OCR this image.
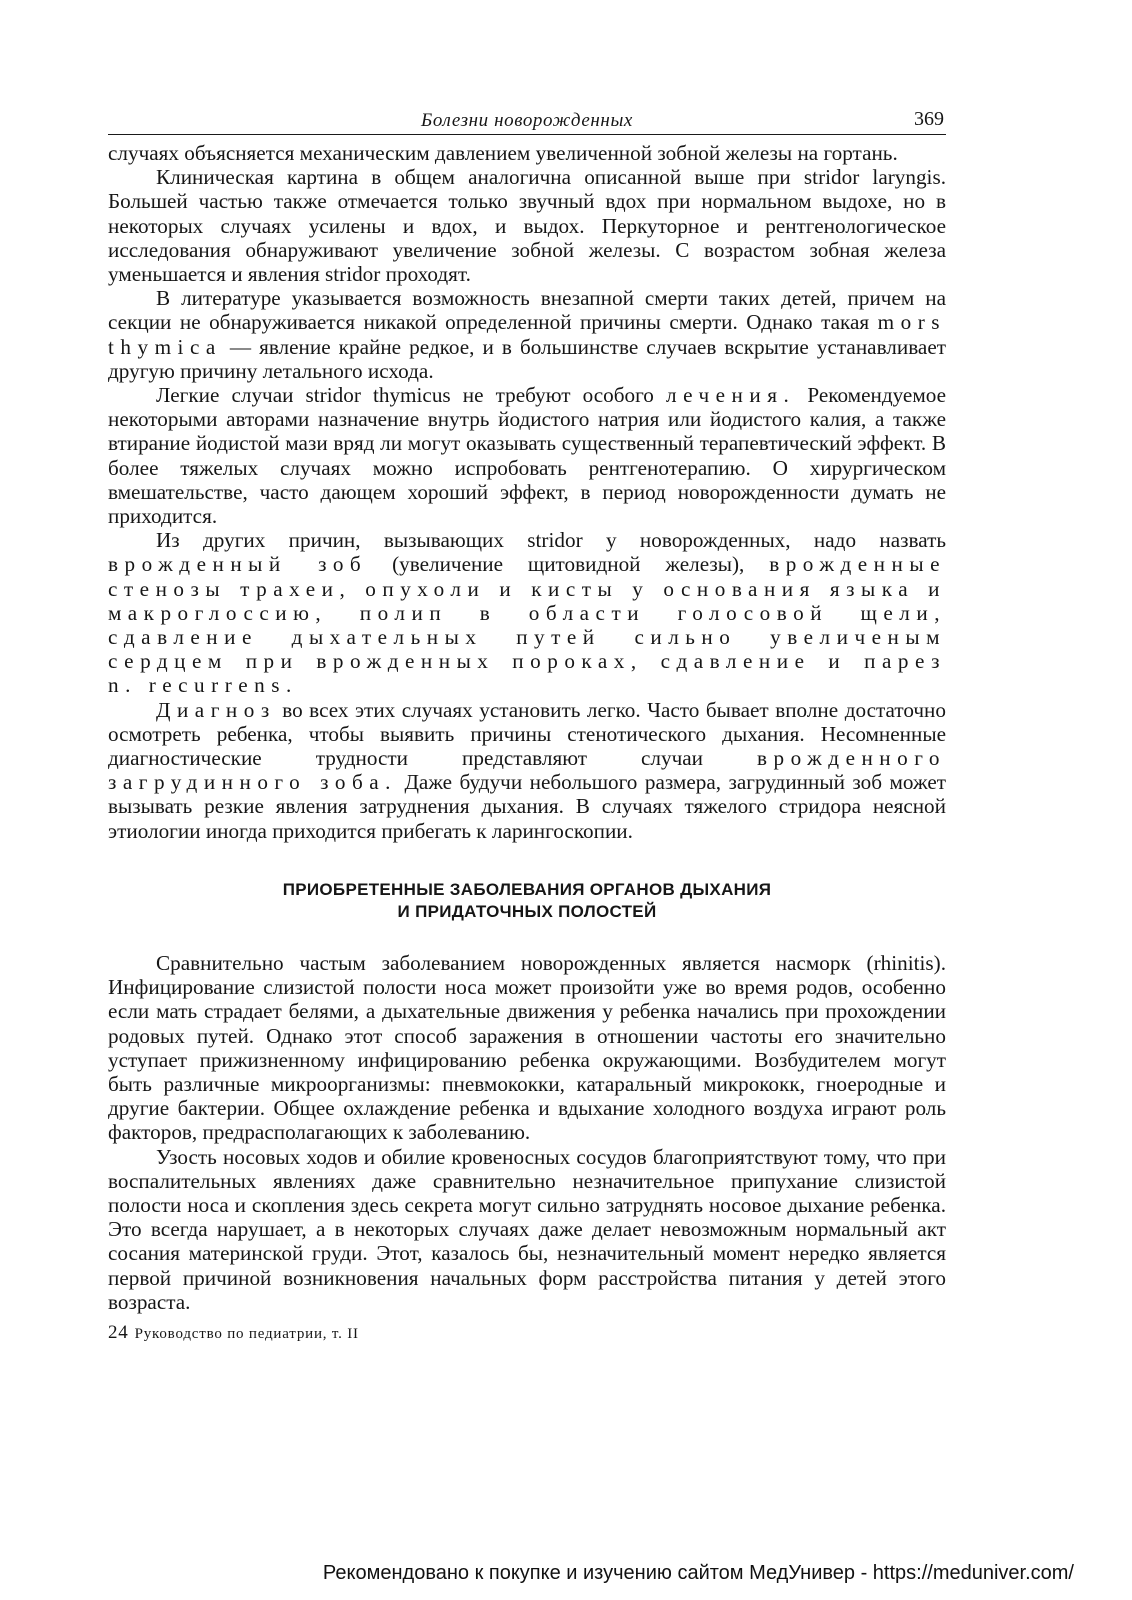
Болезни новорожденных	369

случаях объясняется механическим давлением увеличенной зобной железы на гортань.

Клиническая картина в общем аналогична описанной выше при stridor laryngis. Большей частью также отмечается только звучный вдох при нормальном выдохе, но в некоторых случаях усилены и вдох, и выдох. Перкуторное и рентгенологическое исследования обнаруживают увеличение зобной железы. С возрастом зобная железа уменьшается и явления stridor проходят.

В литературе указывается возможность внезапной смерти таких детей, причем на секции не обнаруживается никакой определенной причины смерти. Однако такая mors thymica — явление крайне редкое, и в большинстве случаев вскрытие устанавливает другую причину летального исхода.

Легкие случаи stridor thymicus не требуют особого лечения. Рекомендуемое некоторыми авторами назначение внутрь йодистого натрия или йодистого калия, а также втирание йодистой мази вряд ли могут оказывать существенный терапевтический эффект. В более тяжелых случаях можно испробовать рентгенотерапию. О хирургическом вмешательстве, часто дающем хороший эффект, в период новорожденности думать не приходится.

Из других причин, вызывающих stridor у новорожденных, надо назвать врожденный зоб (увеличение щитовидной железы), врожденные стенозы трахеи, опухоли и кисты у основания языка и макроглоссию, полип в области голосовой щели, сдавление дыхательных путей сильно увеличеным сердцем при врожденных пороках, сдавление и парез n. recurrens.

Диагноз во всех этих случаях установить легко. Часто бывает вполне достаточно осмотреть ребенка, чтобы выявить причины стенотического дыхания. Несомненные диагностические трудности представляют случаи врожденного загрудинного зоба. Даже будучи небольшого размера, загрудинный зоб может вызывать резкие явления затруднения дыхания. В случаях тяжелого стридора неясной этиологии иногда приходится прибегать к ларингоскопии.

ПРИОБРЕТЕННЫЕ ЗАБОЛЕВАНИЯ ОРГАНОВ ДЫХАНИЯ
И ПРИДАТОЧНЫХ ПОЛОСТЕЙ

Сравнительно частым заболеванием новорожденных является насморк (rhinitis). Инфицирование слизистой полости носа может произойти уже во время родов, особенно если мать страдает белями, а дыхательные движения у ребенка начались при прохождении родовых путей. Однако этот способ заражения в отношении частоты его значительно уступает прижизненному инфицированию ребенка окружающими. Возбудителем могут быть различные микроорганизмы: пневмококки, катаральный микрококк, гноеродные и другие бактерии. Общее охлаждение ребенка и вдыхание холодного воздуха играют роль факторов, предрасполагающих к заболеванию.

Узость носовых ходов и обилие кровеносных сосудов благоприятствуют тому, что при воспалительных явлениях даже сравнительно незначительное припухание слизистой полости носа и скопления здесь секрета могут сильно затруднять носовое дыхание ребенка. Это всегда нарушает, а в некоторых случаях даже делает невозможным нормальный акт сосания материнской груди. Этот, казалось бы, незначительный момент нередко является первой причиной возникновения начальных форм расстройства питания у детей этого возраста.

24 Руководство по педиатрии, т. II
Рекомендовано к покупке и изучению сайтом МедУнивер - https://meduniver.com/
